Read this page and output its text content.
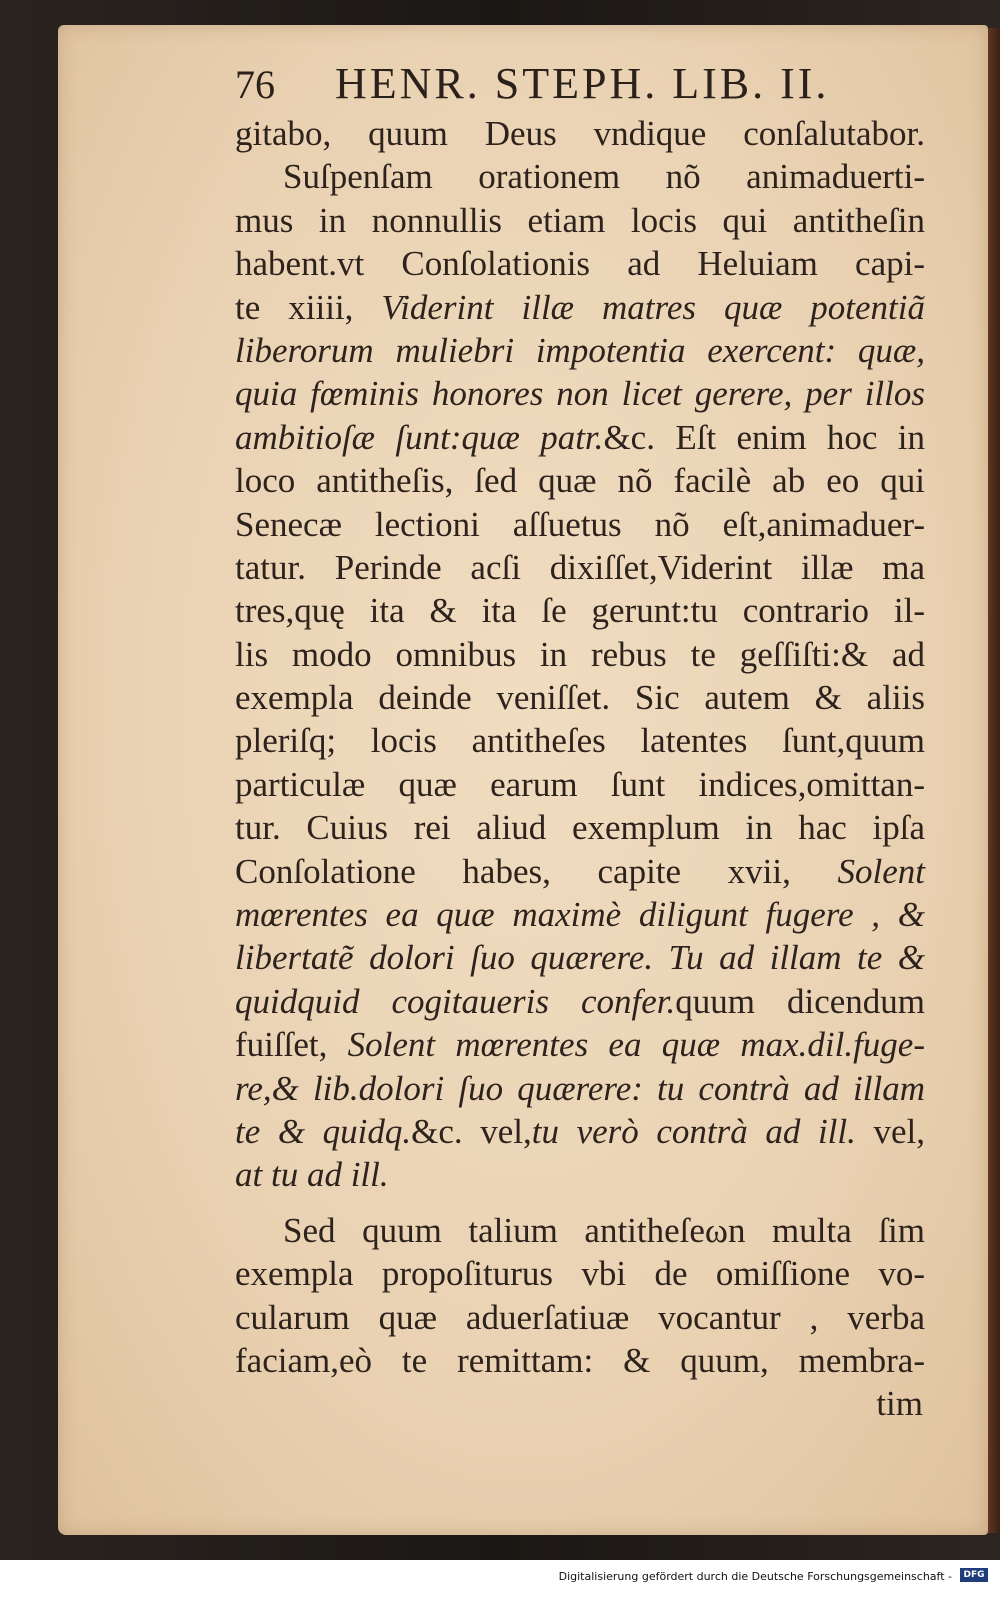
76	HENR. STEPH. LIB. II.
gitabo, quum Deus vndique conſalutabor.
Suſpenſam orationem nõ animaduerti-
mus in nonnullis etiam locis qui antitheſin
habent.vt Conſolationis ad Heluiam capi-
te xiiii, Viderint illæ matres quæ potentiã
liberorum muliebri impotentia exercent: quæ,
quia fœminis honores non licet gerere, per illos
ambitioſæ ſunt:quæ patr.&c. Eſt enim hoc in
loco antitheſis, ſed quæ nõ facilè ab eo qui
Senecæ lectioni aſſuetus nõ eſt,animaduer-
tatur. Perinde acſi dixiſſet,Viderint illæ ma
tres,quę ita & ita ſe gerunt:tu contrario il-
lis modo omnibus in rebus te geſſiſti:& ad
exempla deinde veniſſet. Sic autem & aliis
pleriſq; locis antitheſes latentes ſunt,quum
particulæ quæ earum ſunt indices,omittan-
tur. Cuius rei aliud exemplum in hac ipſa
Conſolatione habes, capite xvii, Solent
mœrentes ea quæ maximè diligunt fugere , &
libertatẽ dolori ſuo quærere. Tu ad illam te &
quidquid cogitaueris confer.quum dicendum
fuiſſet, Solent mœrentes ea quæ max.dil.fuge-
re,& lib.dolori ſuo quærere: tu contrà ad illam
te & quidq.&c. vel,tu verò contrà ad ill. vel,
at tu ad ill.
Sed quum talium antitheſeωn multa ſim
exempla propoſiturus vbi de omiſſione vo-
cularum quæ aduerſatiuæ vocantur , verba
faciam,eò te remittam: & quum, membra-
tim
Digitalisierung gefördert durch die Deutsche Forschungsgemeinschaft -	DFG
